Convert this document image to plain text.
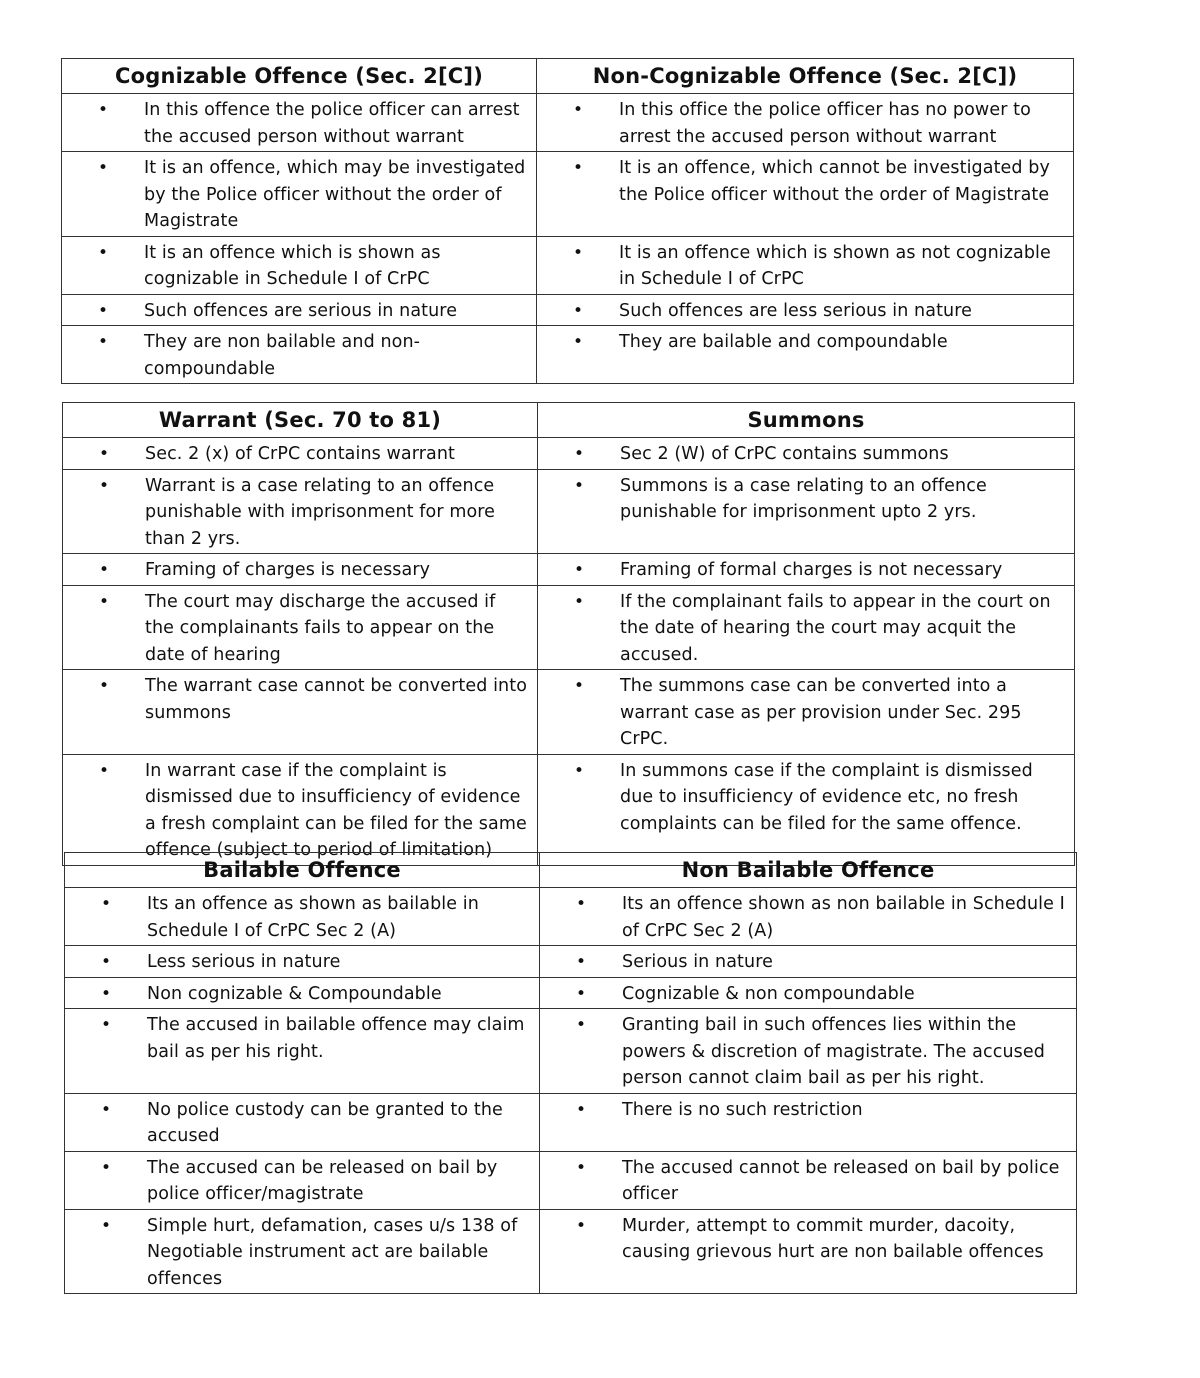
Cognizable Offence (Sec. 2[C])	Non-Cognizable Offence (Sec. 2[C])

• In this offence the police officer can arrest the accused person without warrant	• In this office the police officer has no power to arrest the accused person without warrant

• It is an offence, which may be investigated by the Police officer without the order of Magistrate	• It is an offence, which cannot be investigated by the Police officer without the order of Magistrate

• It is an offence which is shown as cognizable in Schedule I of CrPC	• It is an offence which is shown as not cognizable in Schedule I of CrPC

• Such offences are serious in nature	• Such offences are less serious in nature

• They are non bailable and non-compoundable	• They are bailable and compoundable
Warrant (Sec. 70 to 81)	Summons

• Sec. 2 (x) of CrPC contains warrant	• Sec 2 (W) of CrPC contains summons

• Warrant is a case relating to an offence punishable with imprisonment for more than 2 yrs.	• Summons is a case relating to an offence punishable for imprisonment upto 2 yrs.

• Framing of charges is necessary	• Framing of formal charges is not necessary

• The court may discharge the accused if the complainants fails to appear on the date of hearing	• If the complainant fails to appear in the court on the date of hearing the court may acquit the accused.

• The warrant case cannot be converted into summons	• The summons case can be converted into a warrant case as per provision under Sec. 295 CrPC.

• In warrant case if the complaint is dismissed due to insufficiency of evidence a fresh complaint can be filed for the same offence (subject to period of limitation)	• In summons case if the complaint is dismissed due to insufficiency of evidence etc, no fresh complaints can be filed for the same offence.
Bailable Offence	Non Bailable Offence

• Its an offence as shown as bailable in Schedule I of CrPC Sec 2 (A)	• Its an offence shown as non bailable in Schedule I of CrPC Sec 2 (A)

• Less serious in nature	• Serious in nature

• Non cognizable & Compoundable	• Cognizable & non compoundable

• The accused in bailable offence may claim bail as per his right.	• Granting bail in such offences lies within the powers & discretion of magistrate. The accused person cannot claim bail as per his right.

• No police custody can be granted to the accused	• There is no such restriction

• The accused can be released on bail by police officer/magistrate	• The accused cannot be released on bail by police officer

• Simple hurt, defamation, cases u/s 138 of Negotiable instrument act are bailable offences	• Murder, attempt to commit murder, dacoity, causing grievous hurt are non bailable offences
